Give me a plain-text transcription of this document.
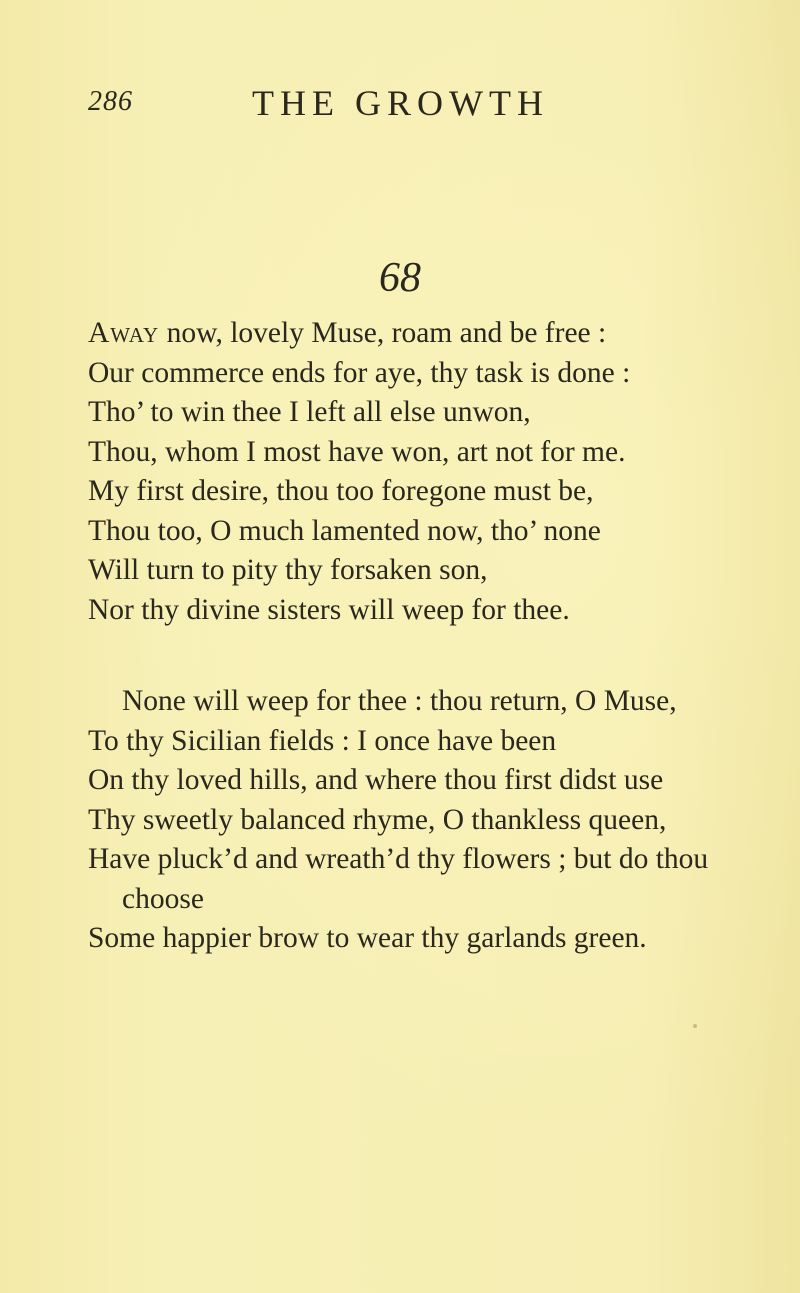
286	THE GROWTH
68
Away now, lovely Muse, roam and be free :
Our commerce ends for aye, thy task is done :
Tho’ to win thee I left all else unwon,
Thou, whom I most have won, art not for me.
My first desire, thou too foregone must be,
Thou too, O much lamented now, tho’ none
Will turn to pity thy forsaken son,
Nor thy divine sisters will weep for thee.
None will weep for thee : thou return, O Muse,
To thy Sicilian fields : I once have been
On thy loved hills, and where thou first didst use
Thy sweetly balanced rhyme, O thankless queen,
Have pluck’d and wreath’d thy flowers ; but do thou
choose
Some happier brow to wear thy garlands green.
